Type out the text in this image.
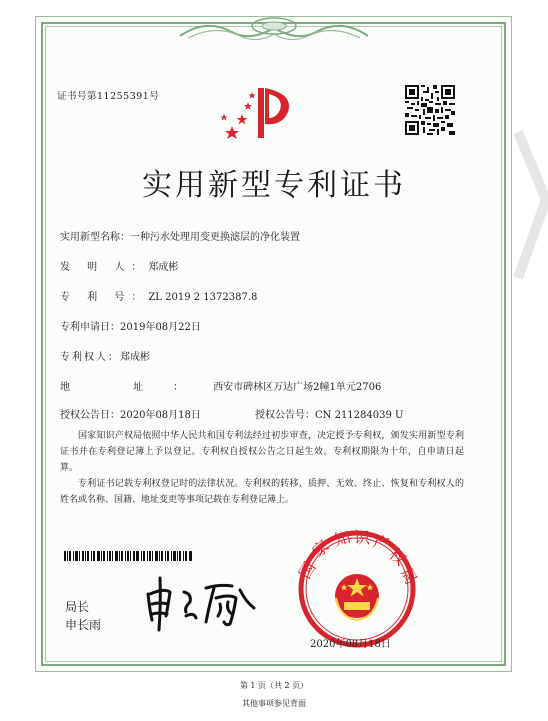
证书号第11255391号
实用新型专利证书
实用新型名称：一种污水处理用变更换滤层的净化装置
发 明 人：郑成彬
专 利 号：ZL 2019 2 1372387.8
专利申请日：2019年08月22日
专利权人：郑成彬
地 址：西安市碑林区万达广场2幢1单元2706
授权公告日：2020年08月18日	授权公告号：CN 211284039 U
国家知识产权局依照中华人民共和国专利法经过初步审查，决定授予专利权，颁发实用新型专利证书并在专利登记簿上予以登记。专利权自授权公告之日起生效。专利权期限为十年，自申请日起算。
专利证书记载专利权登记时的法律状况。专利权的转移、质押、无效、终止、恢复和专利权人的姓名或名称、国籍、地址变更等事项记载在专利登记簿上。
局长
申长雨
国
家 知 识 产
权
局
2020年08月18日
第 1 页（共 2 页）
其他事项参见背面
